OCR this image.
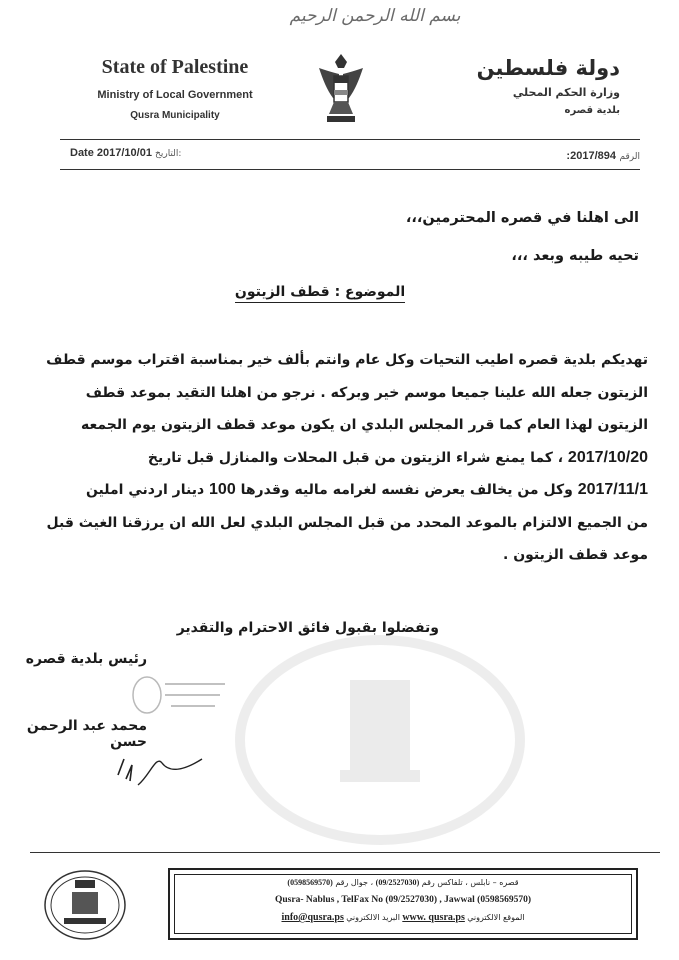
بسم الله الرحمن الرحيم
State of Palestine
Ministry of Local Government
Qusra Municipality
دولة فلسطين
وزارة الحكم المحلي
بلدية قصره
Date 2017/10/01 التاريخ:	الرقم 2017/894:
الى اهلنا في قصره المحترمين،،،
تحيه طيبه وبعد ،،،
الموضوع : قطف الزيتون
تهديكم بلدية قصره اطيب التحيات وكل عام وانتم بألف خير بمناسبة اقتراب موسم قطف
الزيتون جعله الله علينا جميعا موسم خير وبركه . نرجو من اهلنا التقيد بموعد قطف
الزيتون لهذا العام كما قرر المجلس البلدي ان يكون موعد قطف الزيتون يوم الجمعه
2017/10/20 ، كما يمنع شراء الزيتون من قبل المحلات والمنازل قبل تاريخ
2017/11/1 وكل من يخالف يعرض نفسه لغرامه ماليه وقدرها 100 دينار اردني املين
من الجميع الالتزام بالموعد المحدد من قبل المجلس البلدي لعل الله ان يرزقنا الغيث قبل
موعد قطف الزيتون .
وتفضلوا بقبول فائق الاحترام والتقدير
رئيس بلدية قصره
محمد عبد الرحمن حسن
قصره – نابلس ، تلفاكس رقم (09/2527030) ، جوال رقم (0598569570)
Qusra- Nablus , TelFax No (09/2527030) , Jawwal (0598569570)
الموقع الالكتروني www. qusra.ps البريد الالكتروني info@qusra.ps
